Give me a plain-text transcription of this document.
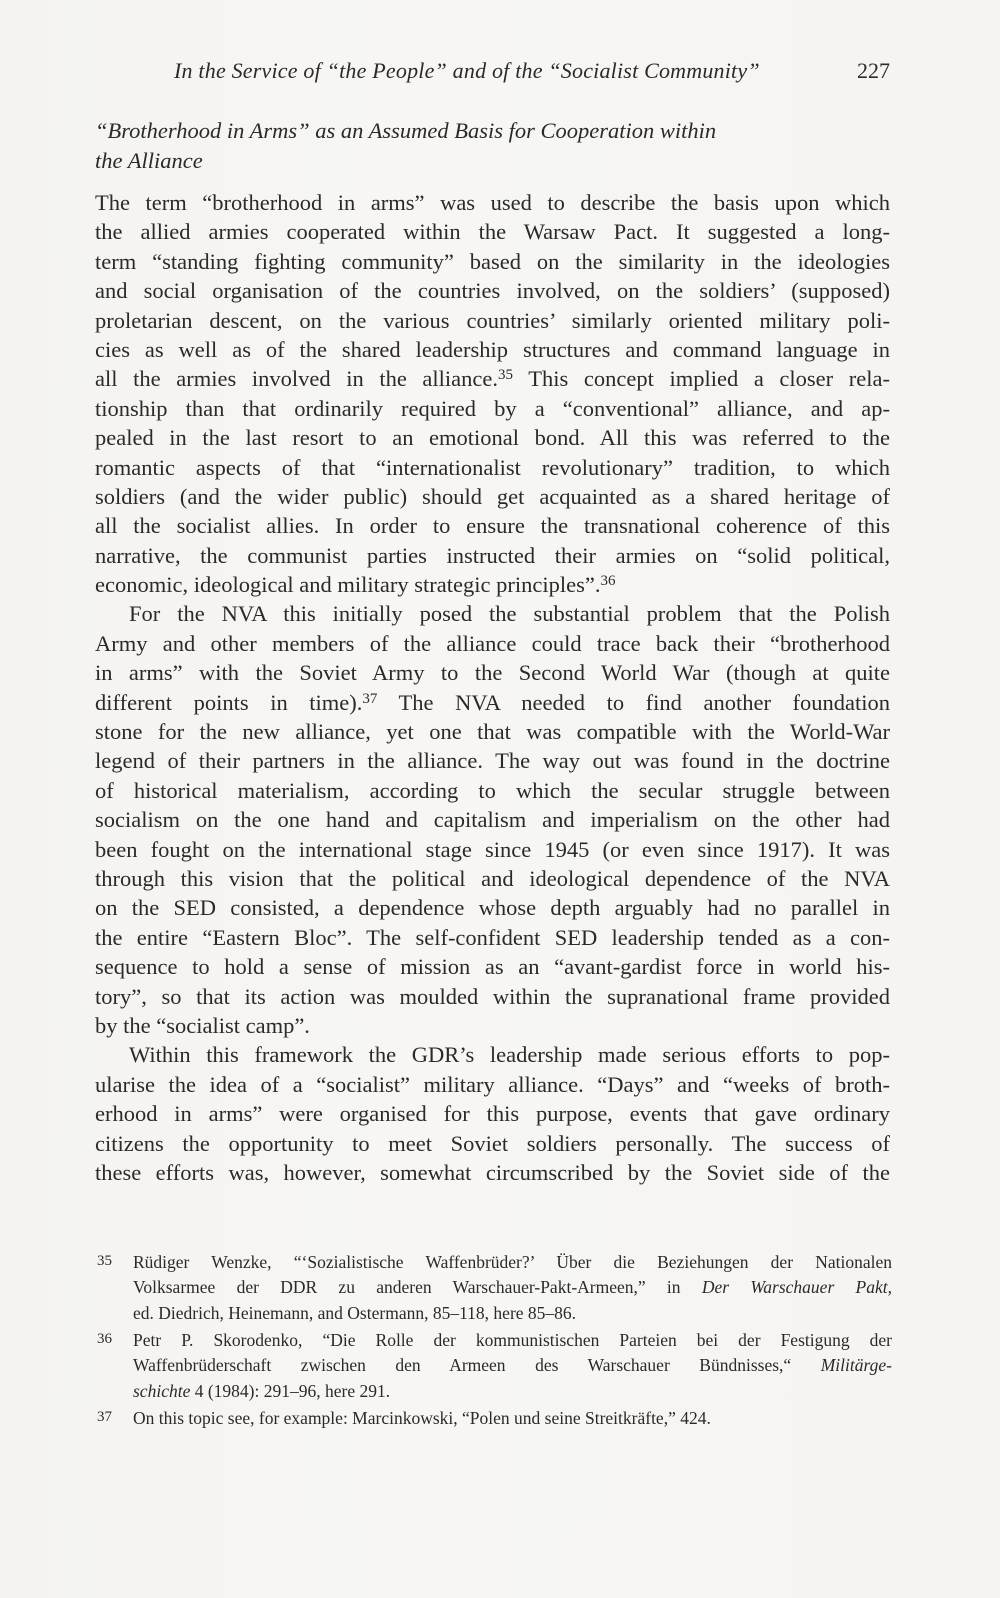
In the Service of “the People” and of the “Socialist Community”	227
“Brotherhood in Arms” as an Assumed Basis for Cooperation within
the Alliance
The term “brotherhood in arms” was used to describe the basis upon which
the allied armies cooperated within the Warsaw Pact. It suggested a long-
term “standing fighting community” based on the similarity in the ideologies
and social organisation of the countries involved, on the soldiers’ (supposed)
proletarian descent, on the various countries’ similarly oriented military poli-
cies as well as of the shared leadership structures and command language in
all the armies involved in the alliance.$^{35}$ This concept implied a closer rela-
tionship than that ordinarily required by a “conventional” alliance, and ap-
pealed in the last resort to an emotional bond. All this was referred to the
romantic aspects of that “internationalist revolutionary” tradition, to which
soldiers (and the wider public) should get acquainted as a shared heritage of
all the socialist allies. In order to ensure the transnational coherence of this
narrative, the communist parties instructed their armies on “solid political,
economic, ideological and military strategic principles”.$^{36}$
For the NVA this initially posed the substantial problem that the Polish
Army and other members of the alliance could trace back their “brotherhood
in arms” with the Soviet Army to the Second World War (though at quite
different points in time).$^{37}$ The NVA needed to find another foundation
stone for the new alliance, yet one that was compatible with the World-War
legend of their partners in the alliance. The way out was found in the doctrine
of historical materialism, according to which the secular struggle between
socialism on the one hand and capitalism and imperialism on the other had
been fought on the international stage since 1945 (or even since 1917). It was
through this vision that the political and ideological dependence of the NVA
on the SED consisted, a dependence whose depth arguably had no parallel in
the entire “Eastern Bloc”. The self-confident SED leadership tended as a con-
sequence to hold a sense of mission as an “avant-gardist force in world his-
tory”, so that its action was moulded within the supranational frame provided
by the “socialist camp”.
Within this framework the GDR’s leadership made serious efforts to pop-
ularise the idea of a “socialist” military alliance. “Days” and “weeks of broth-
erhood in arms” were organised for this purpose, events that gave ordinary
citizens the opportunity to meet Soviet soldiers personally. The success of
these efforts was, however, somewhat circumscribed by the Soviet side of the
35 Rüdiger Wenzke, “‘Sozialistische Waffenbrüder?’ Über die Beziehungen der Nationalen
Volksarmee der DDR zu anderen Warschauer-Pakt-Armeen,” in Der Warschauer Pakt,
ed. Diedrich, Heinemann, and Ostermann, 85–118, here 85–86.
36 Petr P. Skorodenko, “Die Rolle der kommunistischen Parteien bei der Festigung der
Waffenbrüderschaft zwischen den Armeen des Warschauer Bündnisses,“ Militärge-
schichte 4 (1984): 291–96, here 291.
37 On this topic see, for example: Marcinkowski, “Polen und seine Streitkräfte,” 424.
